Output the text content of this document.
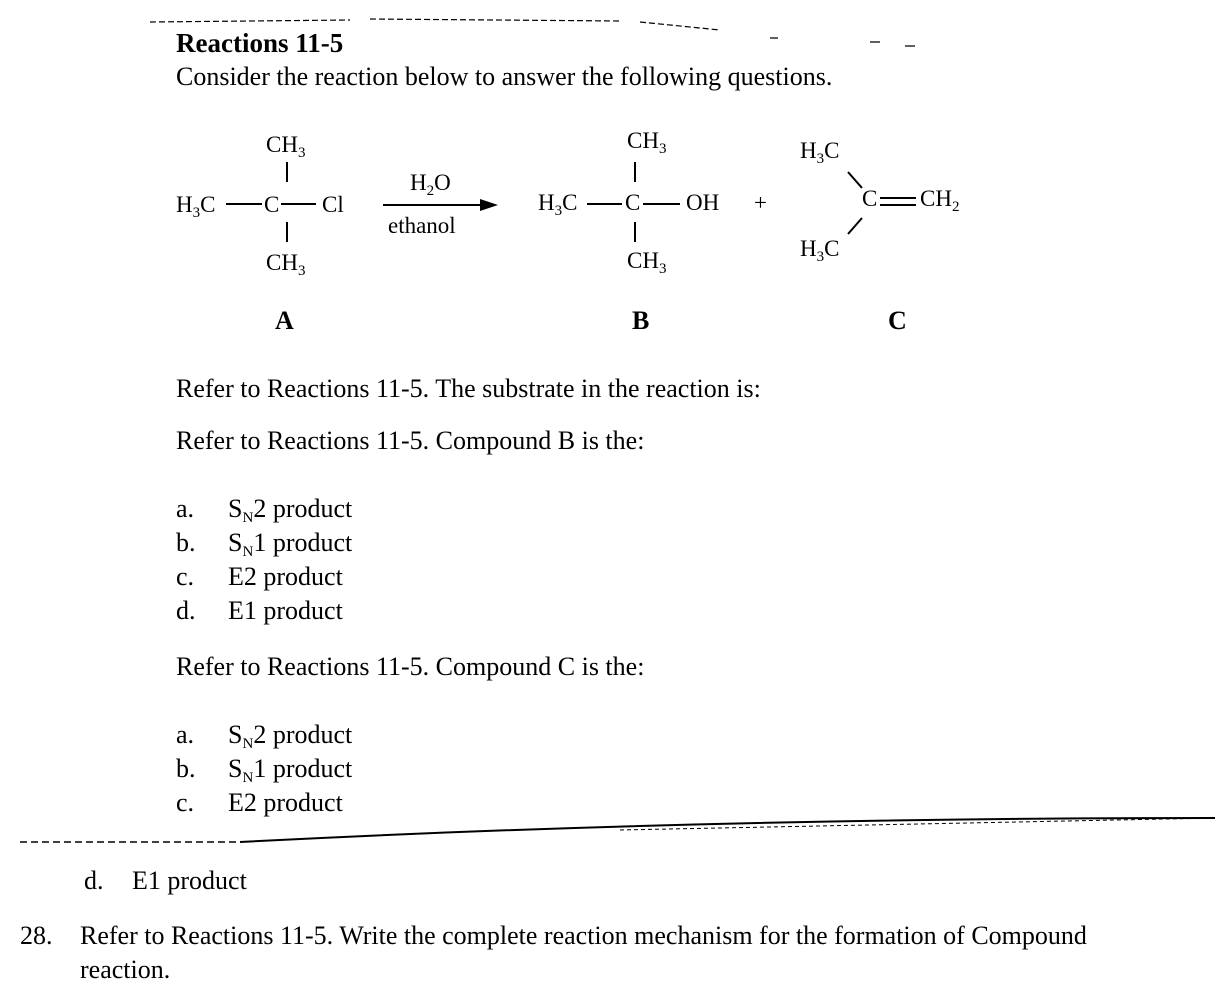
Reactions 11-5
Consider the reaction below to answer the following questions.
$CH_3$
$H_3C$ C Cl
$CH_3$
A
$H_2O$
ethanol
$CH_3$
$H_3C$ C OH
$CH_3$
B
+
$H_3C$
$H_3C$
C $CH_2$
C
Refer to Reactions 11-5. The substrate in the reaction is:
Refer to Reactions 11-5. Compound B is the:
a. $S_N2$ product
b. $S_N1$ product
c. E2 product
d. E1 product
Refer to Reactions 11-5. Compound C is the:
a. $S_N2$ product
b. $S_N1$ product
c. E2 product
d. E1 product
28. Refer to Reactions 11-5. Write the complete reaction mechanism for the formation of Compound
reaction.
